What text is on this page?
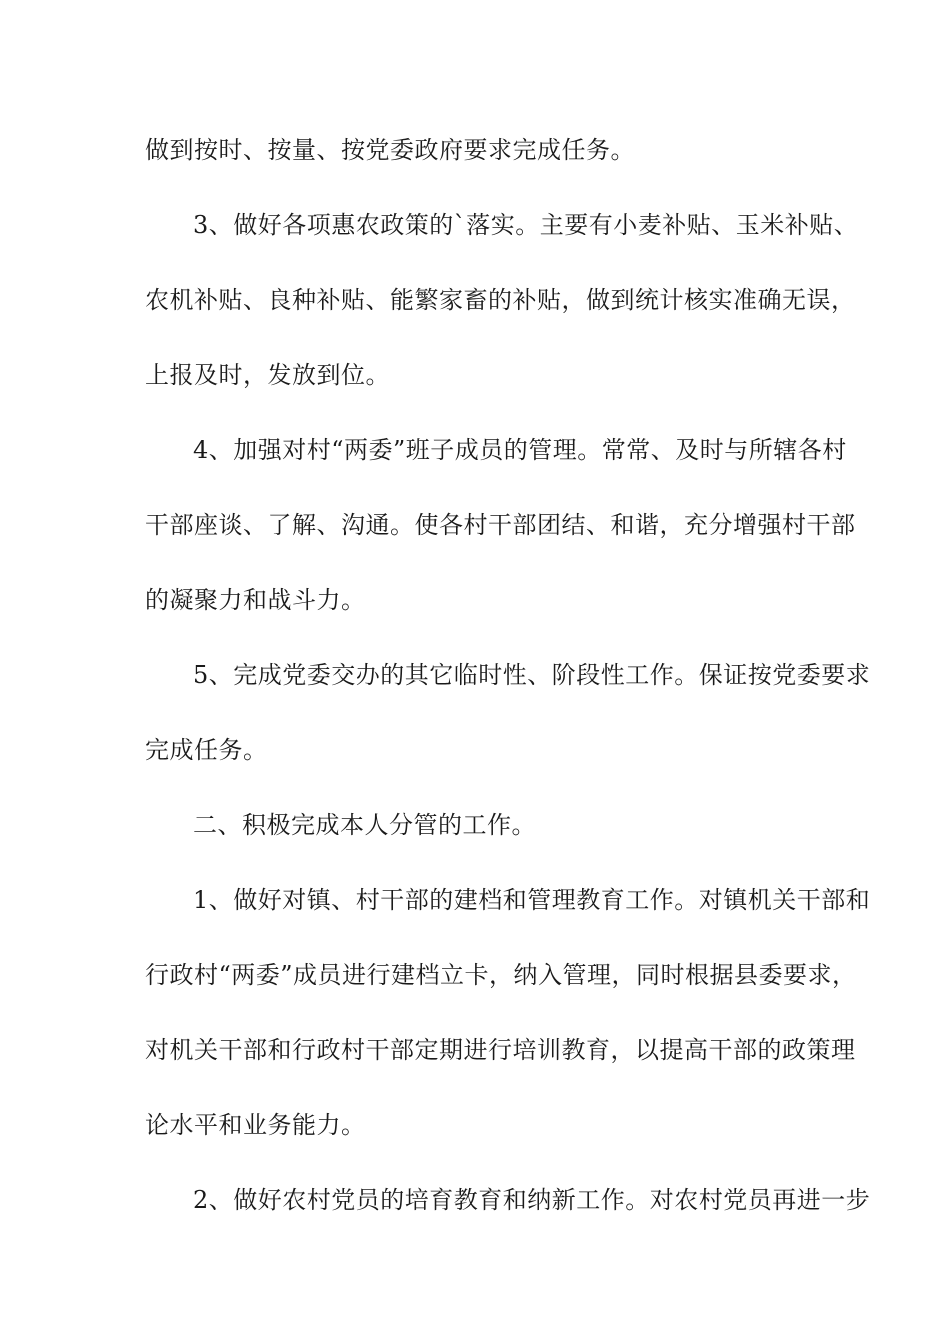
做到按时、按量、按党委政府要求完成任务。

3、做好各项惠农政策的`落实。主要有小麦补贴、玉米补贴、

农机补贴、良种补贴、能繁家畜的补贴，做到统计核实准确无误，

上报及时，发放到位。

4、加强对村“两委”班子成员的管理。常常、及时与所辖各村

干部座谈、了解、沟通。使各村干部团结、和谐，充分增强村干部

的凝聚力和战斗力。

5、完成党委交办的其它临时性、阶段性工作。保证按党委要求

完成任务。

二、积极完成本人分管的工作。

1、做好对镇、村干部的建档和管理教育工作。对镇机关干部和

行政村“两委”成员进行建档立卡，纳入管理，同时根据县委要求，

对机关干部和行政村干部定期进行培训教育，以提高干部的政策理

论水平和业务能力。

2、做好农村党员的培育教育和纳新工作。对农村党员再进一步
